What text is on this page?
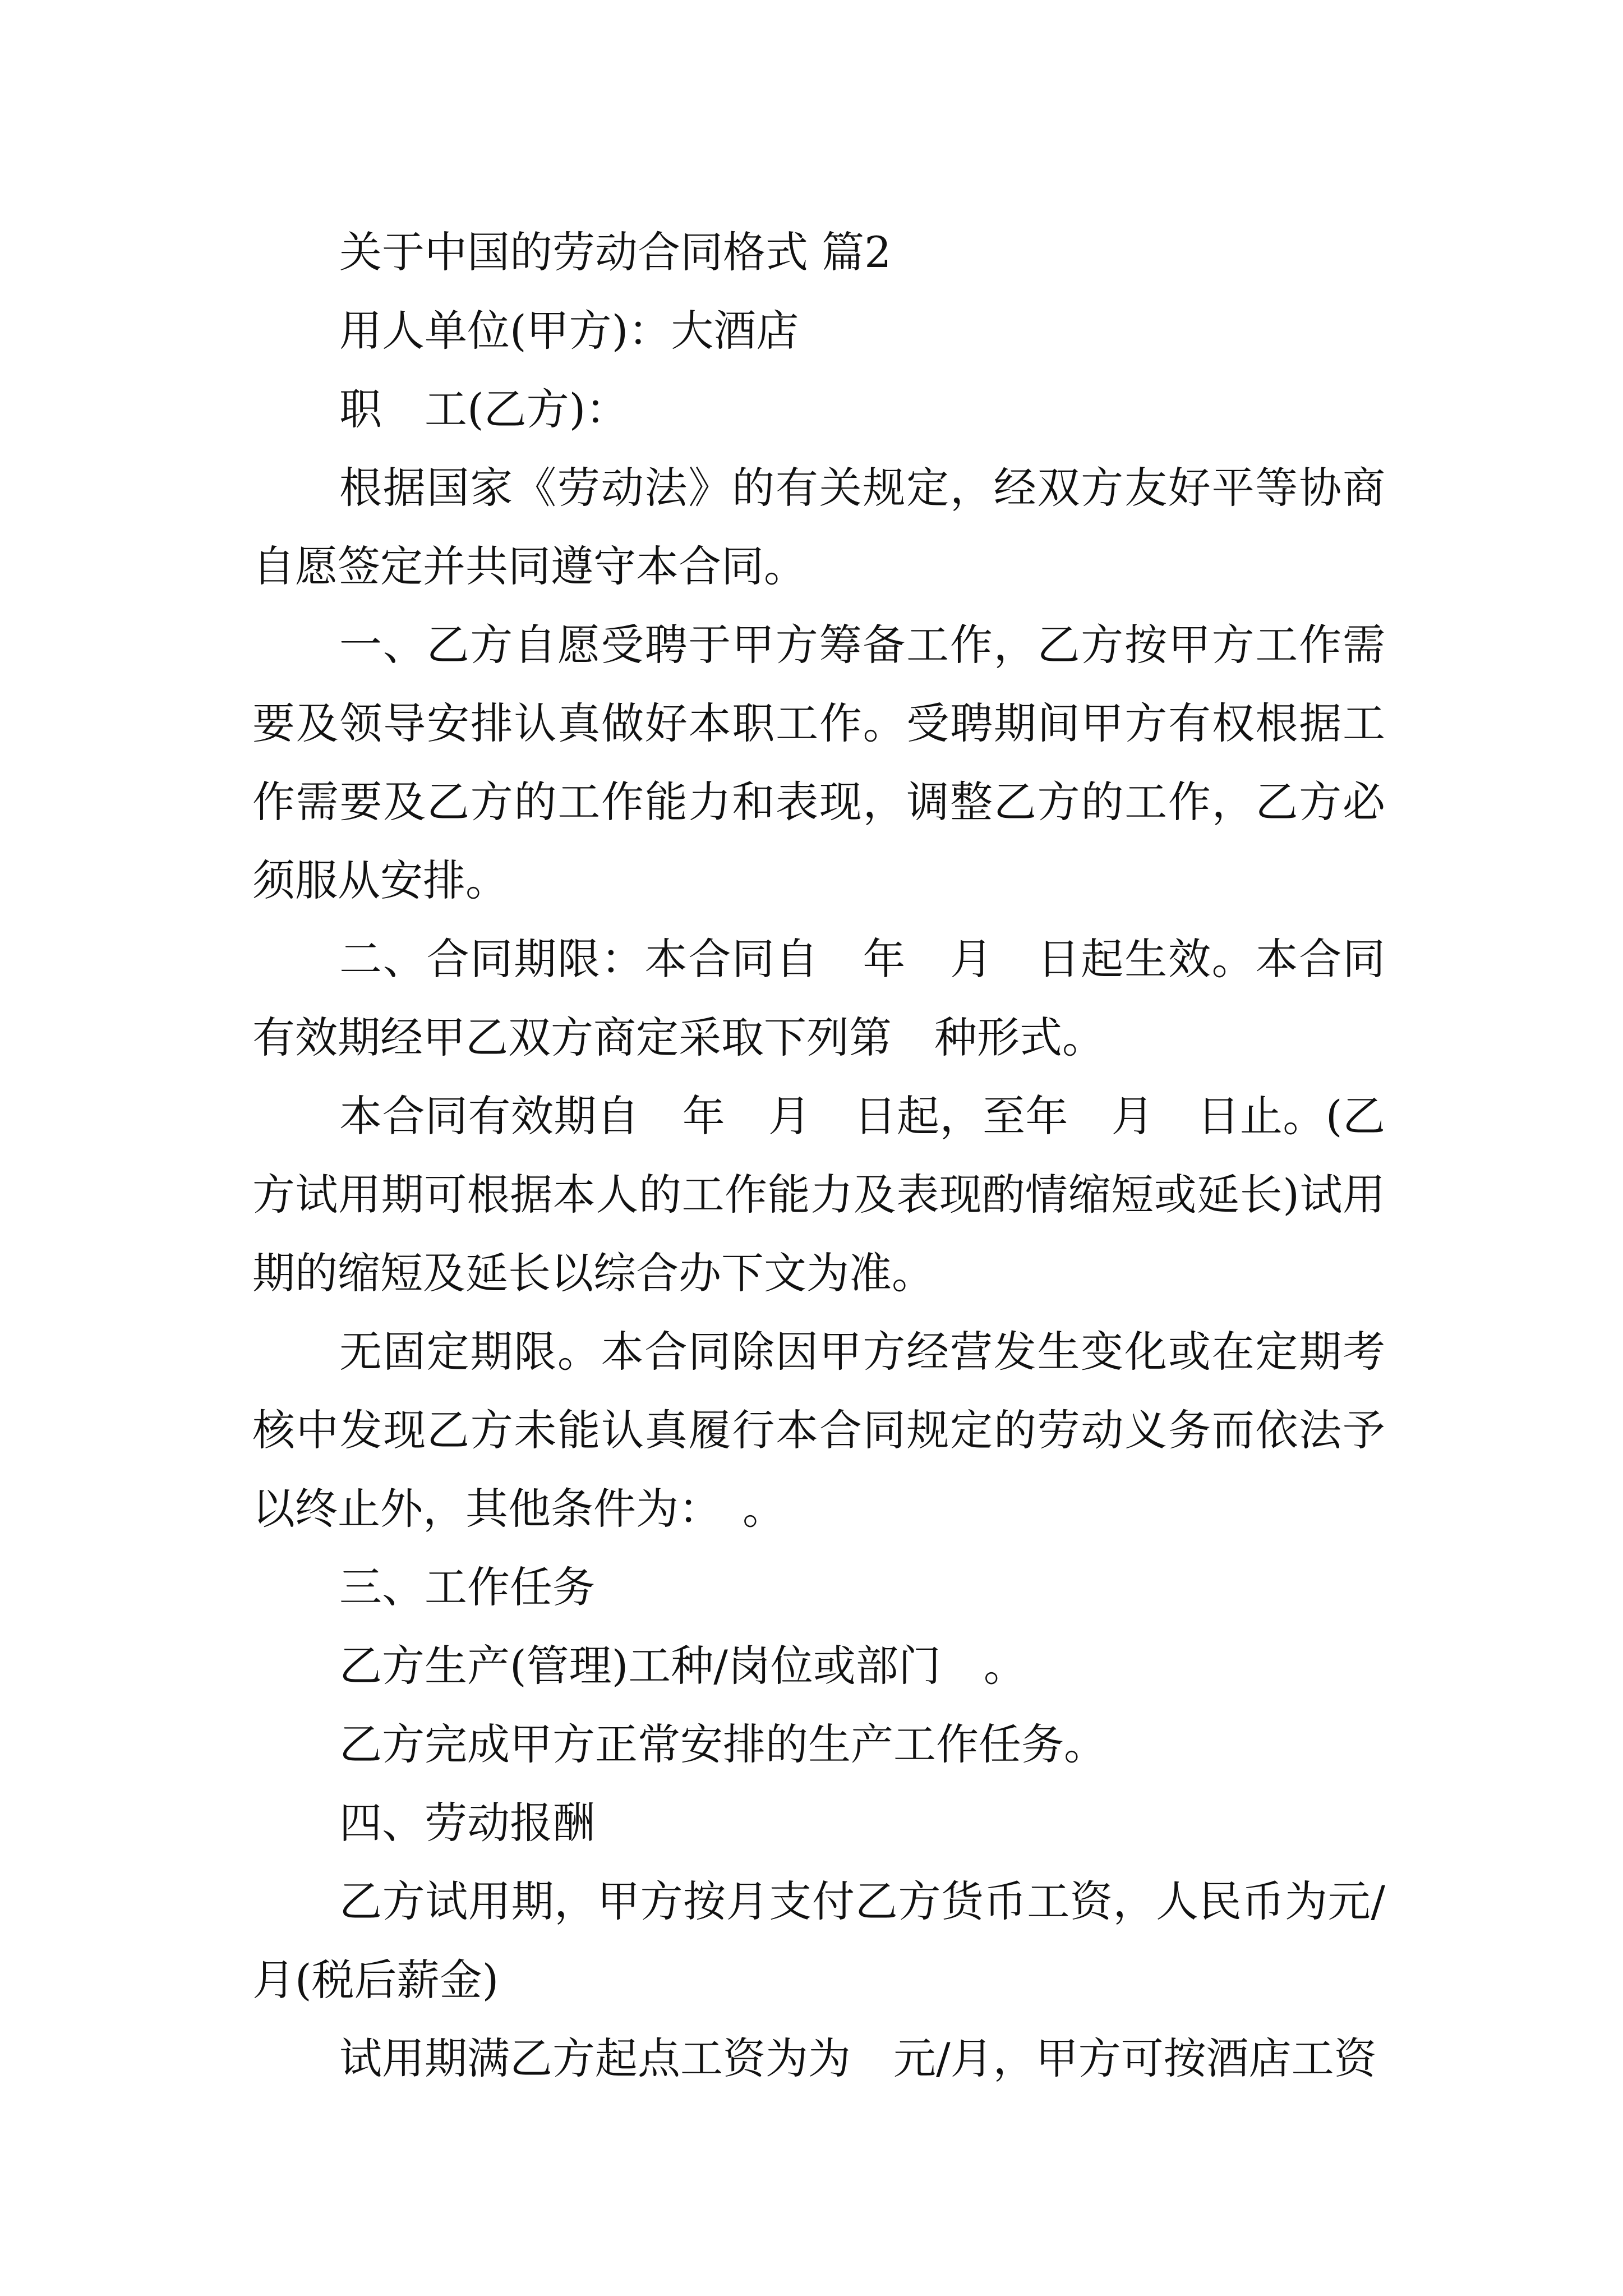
关于中国的劳动合同格式 篇2

用人单位(甲方)：大酒店

职　工(乙方)：

根据国家《劳动法》的有关规定，经双方友好平等协商自愿签定并共同遵守本合同。

一、乙方自愿受聘于甲方筹备工作，乙方按甲方工作需要及领导安排认真做好本职工作。受聘期间甲方有权根据工作需要及乙方的工作能力和表现，调整乙方的工作，乙方必须服从安排。

二、合同期限：本合同自　年　月　日起生效。本合同有效期经甲乙双方商定采取下列第　种形式。

本合同有效期自　年　月　日起，至年　月　日止。(乙方试用期可根据本人的工作能力及表现酌情缩短或延长)试用期的缩短及延长以综合办下文为准。

无固定期限。本合同除因甲方经营发生变化或在定期考核中发现乙方未能认真履行本合同规定的劳动义务而依法予以终止外，其他条件为：　。

三、工作任务

乙方生产(管理)工种/岗位或部门　。

乙方完成甲方正常安排的生产工作任务。

四、劳动报酬

乙方试用期，甲方按月支付乙方货币工资，人民币为元/月(税后薪金)

试用期满乙方起点工资为为　元/月，甲方可按酒店工资
